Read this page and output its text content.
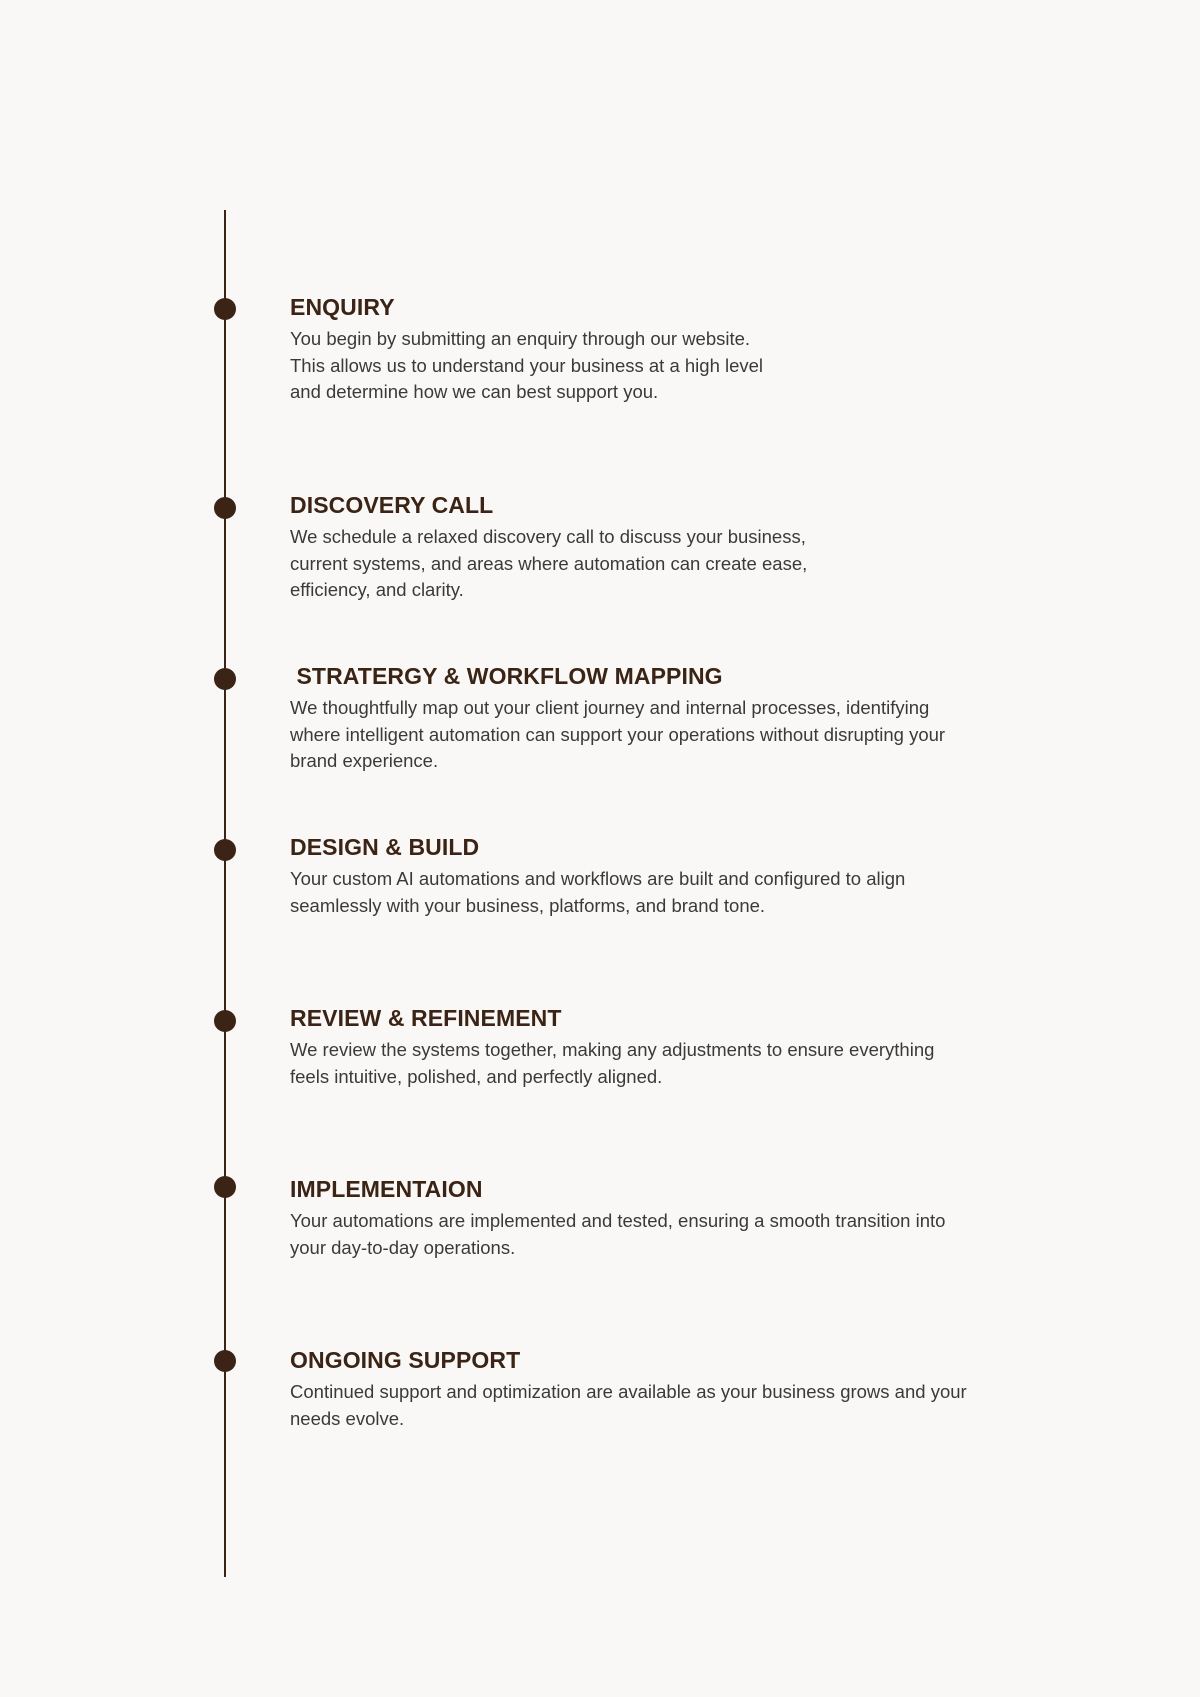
ENQUIRY
You begin by submitting an enquiry through our website.
This allows us to understand your business at a high level
and determine how we can best support you.
DISCOVERY CALL
We schedule a relaxed discovery call to discuss your business,
current systems, and areas where automation can create ease,
efficiency, and clarity.
STRATERGY & WORKFLOW MAPPING
We thoughtfully map out your client journey and internal processes, identifying
where intelligent automation can support your operations without disrupting your
brand experience.
DESIGN & BUILD
Your custom AI automations and workflows are built and configured to align
seamlessly with your business, platforms, and brand tone.
REVIEW & REFINEMENT
We review the systems together, making any adjustments to ensure everything
feels intuitive, polished, and perfectly aligned.
IMPLEMENTAION
Your automations are implemented and tested, ensuring a smooth transition into
your day-to-day operations.
ONGOING SUPPORT
Continued support and optimization are available as your business grows and your
needs evolve.
